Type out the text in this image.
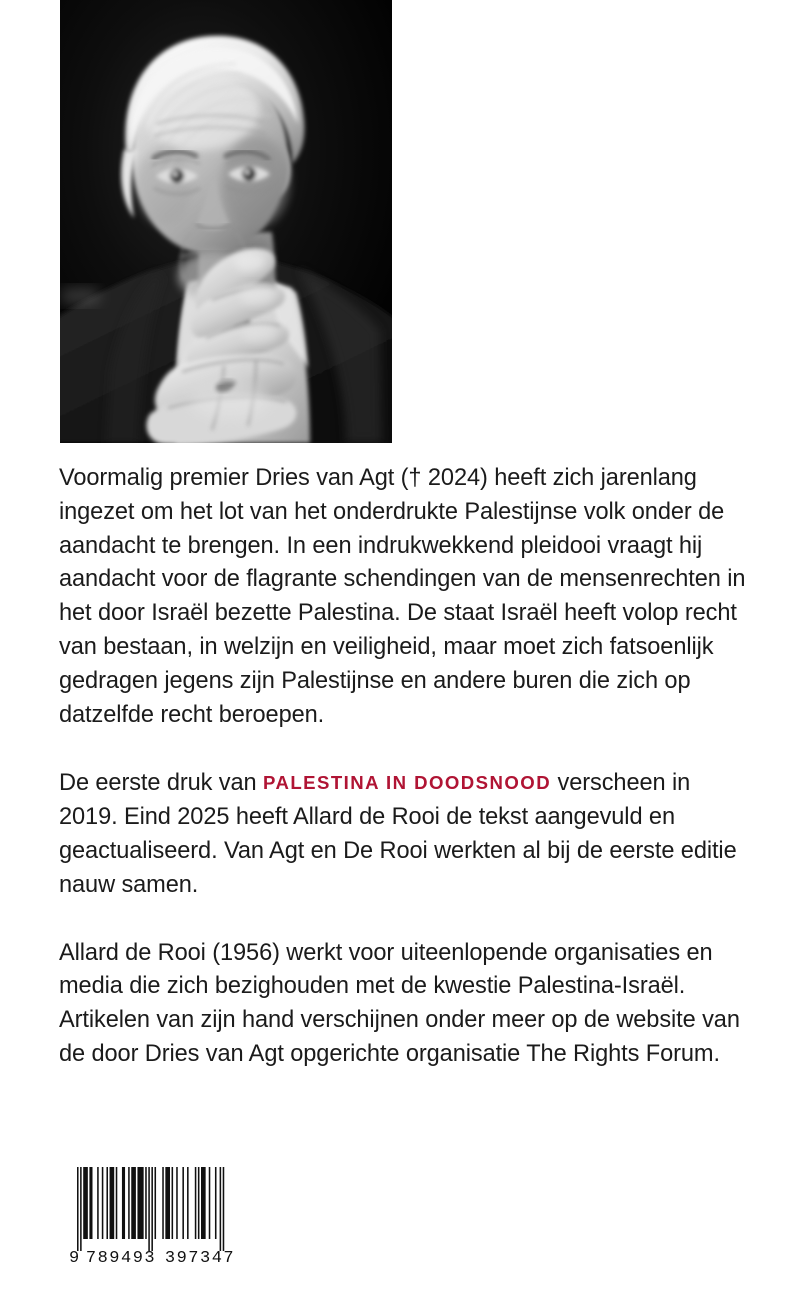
Voormalig premier Dries van Agt († 2024) heeft zich jarenlang ingezet om het lot van het onderdrukte Palestijnse volk onder de aandacht te brengen. In een indrukwekkend pleidooi vraagt hij aandacht voor de flagrante schendingen van de mensenrechten in het door Israël bezette Palestina. De staat Israël heeft volop recht van bestaan, in welzijn en veiligheid, maar moet zich fatsoenlijk gedragen jegens zijn Palestijnse en andere buren die zich op datzelfde recht beroepen.

De eerste druk van PALESTINA IN DOODSNOOD verscheen in 2019. Eind 2025 heeft Allard de Rooi de tekst aangevuld en geactualiseerd. Van Agt en De Rooi werkten al bij de eerste editie nauw samen.

Allard de Rooi (1956) werkt voor uiteenlopende organisaties en media die zich bezighouden met de kwestie Palestina-Israël. Artikelen van zijn hand verschijnen onder meer op de website van de door Dries van Agt opgerichte organisatie The Rights Forum.

9 789493 397347
